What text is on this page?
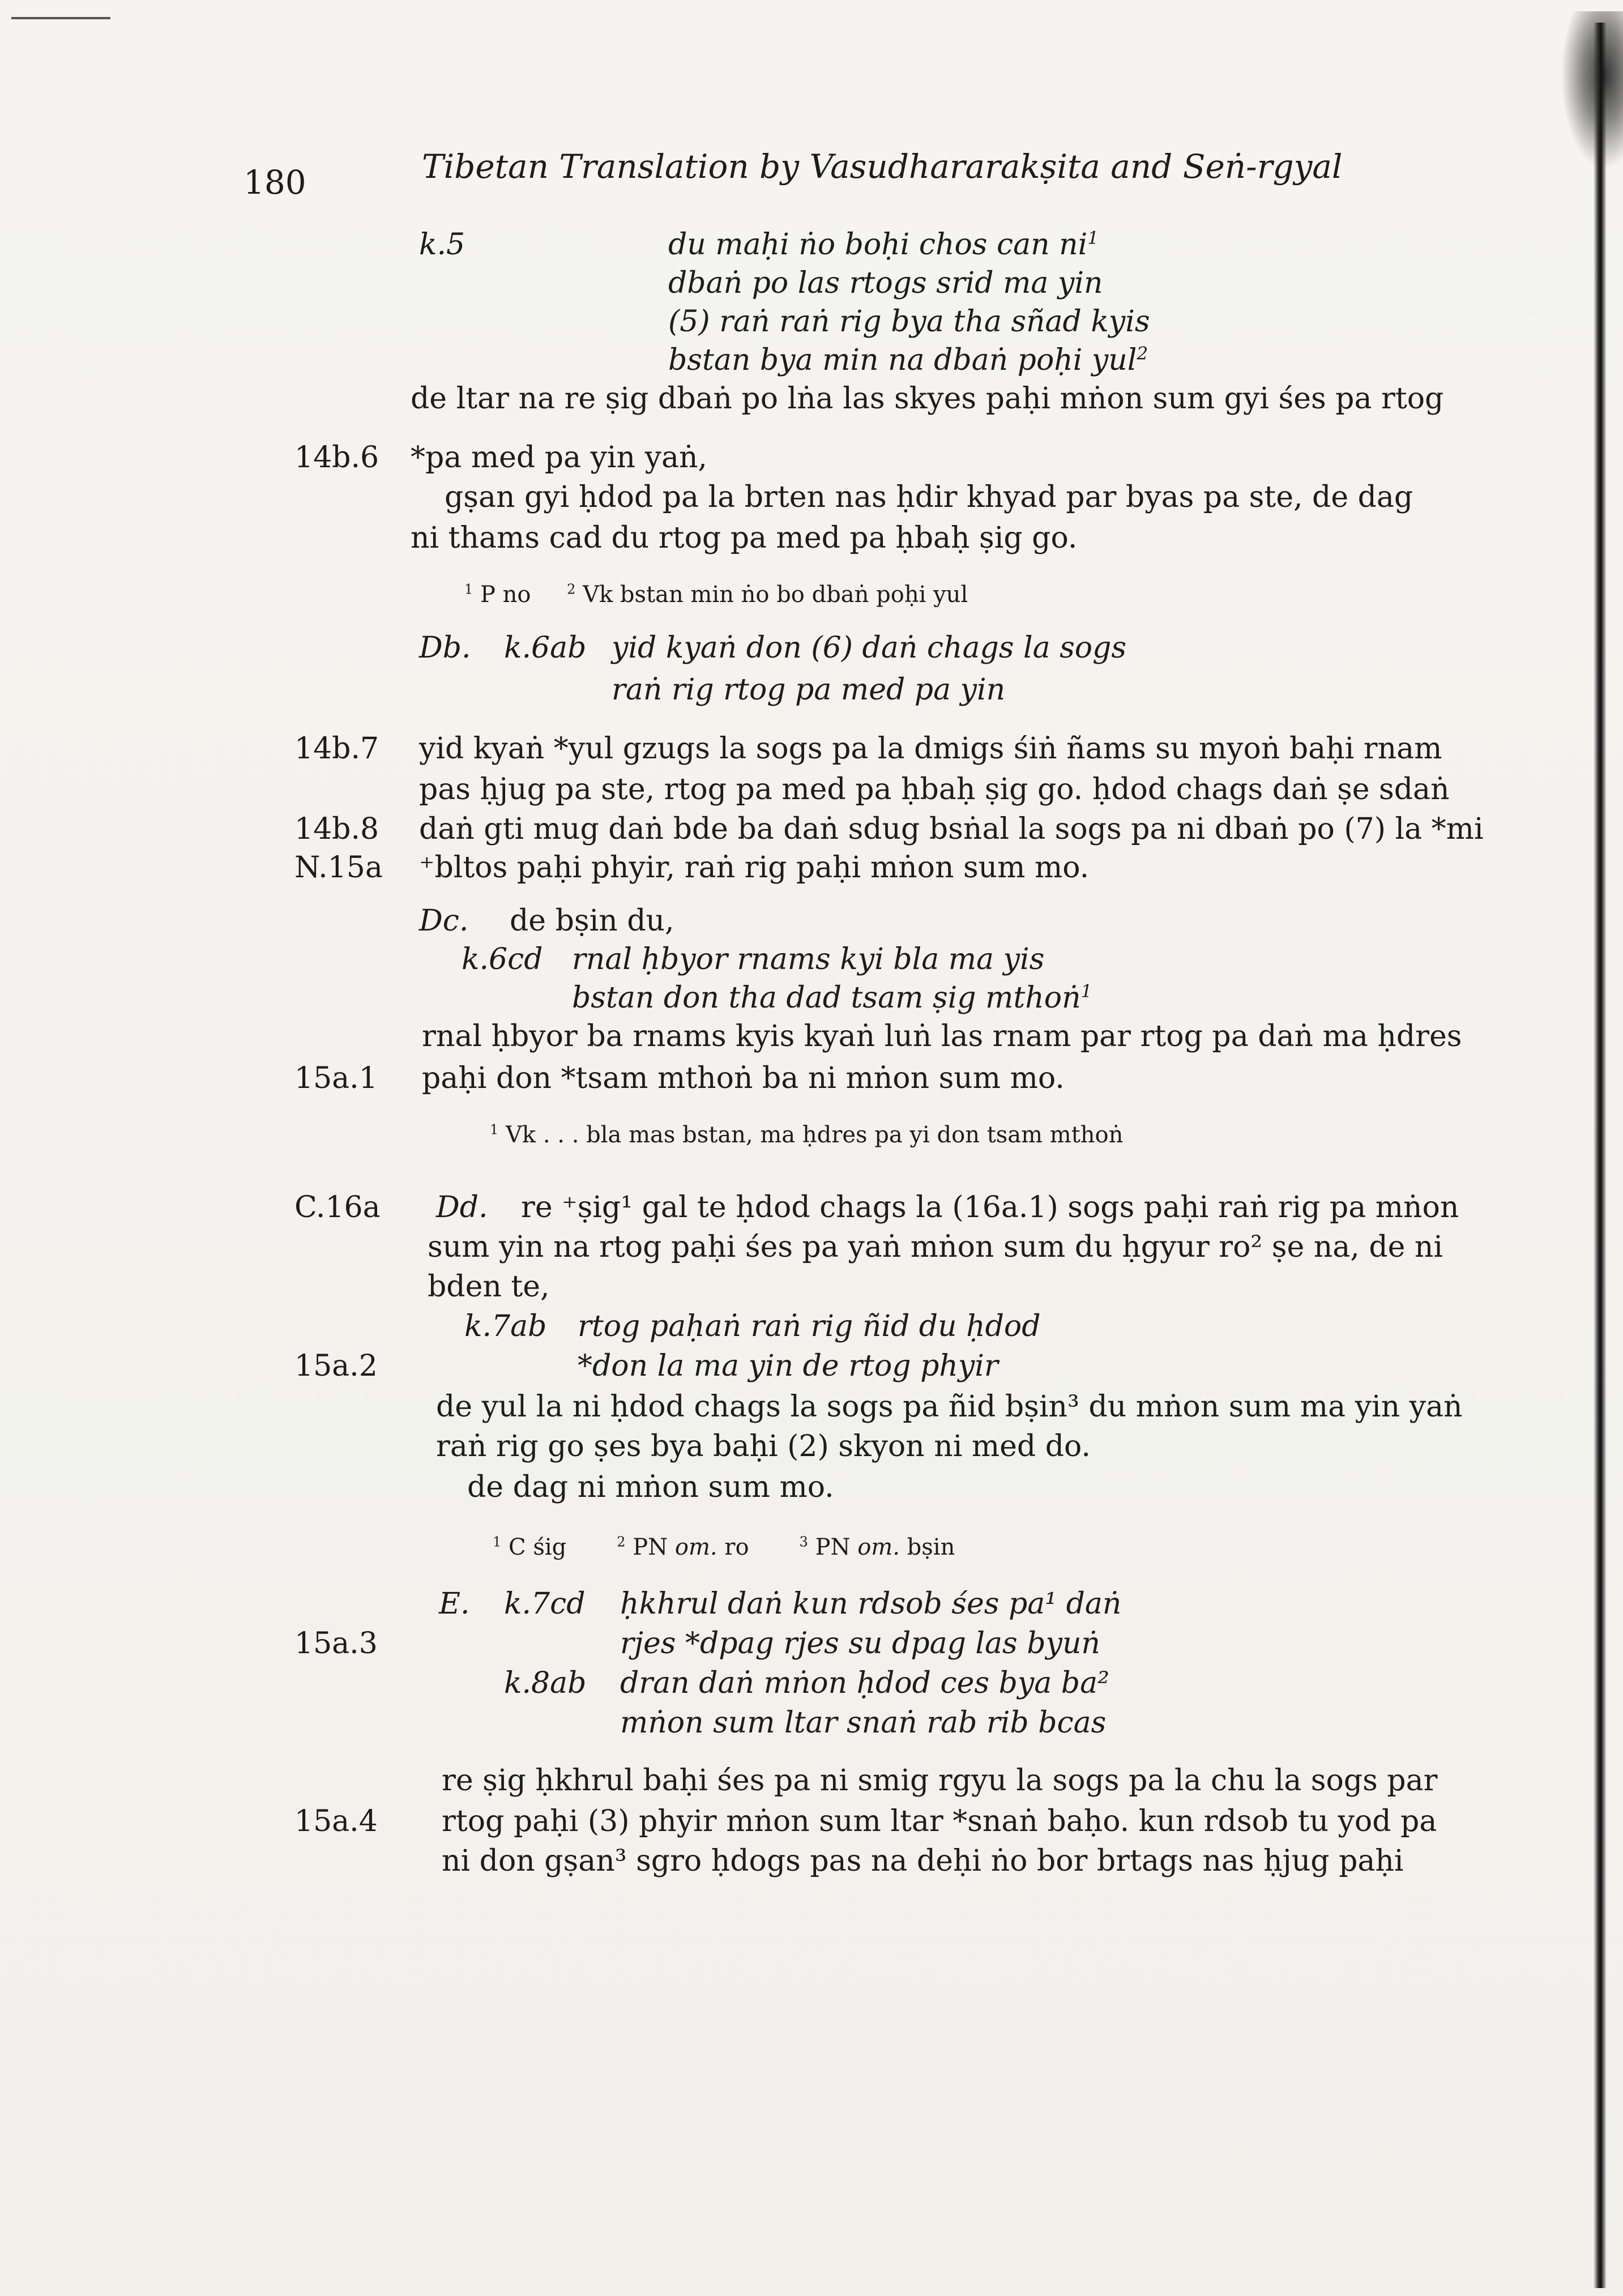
180	Tibetan Translation by Vasudhararakṣita and Seṅ-rgyal
k.5	du maḥi ṅo boḥi chos can $ni^1$
dbaṅ po las rtogs srid ma yin
(5) raṅ raṅ rig bya tha sñad kyis
bstan bya min na dbaṅ poḥi yul$^2$
de ltar na re ṣig dbaṅ po lṅa las skyes paḥi mṅon sum gyi śes pa rtog
14b.6 *pa med pa yin yaṅ,
gṣan gyi ḥdod pa la brten nas ḥdir khyad par byas pa ste, de dag
ni thams cad du rtog pa med pa ḥbaḥ ṣig go.
Db. k.6ab yid kyaṅ don (6) daṅ chags la sogs
raṅ rig rtog pa med pa yin
14b.7 yid kyaṅ *yul gzugs la sogs pa la dmigs śiṅ ñams su myoṅ baḥi rnam
pas ḥjug pa ste, rtog pa med pa ḥbaḥ ṣig go. ḥdod chags daṅ ṣe sdaṅ
14b.8 daṅ gti mug daṅ bde ba daṅ sdug bsṅal la sogs pa ni dbaṅ po (7) la *mi
N.15a ⁺bltos paḥi phyir, raṅ rig paḥi mṅon sum mo.
Dc. de bṣin du,
k.6cd rnal ḥbyor rnams kyi bla ma yis
bstan don tha dad tsam ṣig mthoṅ$^1$
rnal ḥbyor ba rnams kyis kyaṅ luṅ las rnam par rtog pa daṅ ma ḥdres
15a.1 paḥi don *tsam mthoṅ ba ni mṅon sum mo.
C.16a Dd. re ⁺ṣig¹ gal te ḥdod chags la (16a.1) sogs paḥi raṅ rig pa mṅon
sum yin na rtog paḥi śes pa yaṅ mṅon sum du ḥgyur ro² ṣe na, de ni
bden te,
k.7ab rtog paḥaṅ raṅ rig ñid du ḥdod
15a.2	*don la ma yin de rtog phyir
de yul la ni ḥdod chags la sogs pa ñid bṣin³ du mṅon sum ma yin yaṅ
raṅ rig go ṣes bya baḥi (2) skyon ni med do.
de dag ni mṅon sum mo.
E. k.7cd ḥkhrul daṅ kun rdsob śes pa¹ daṅ
15a.3	rjes *dpag rjes su dpag las byuṅ
k.8ab dran daṅ mṅon ḥdod ces bya ba²
mṅon sum ltar snaṅ rab rib bcas
re ṣig ḥkhrul baḥi śes pa ni smig rgyu la sogs pa la chu la sogs par
15a.4 rtog paḥi (3) phyir mṅon sum ltar *snaṅ baḥo. kun rdsob tu yod pa
ni don gṣan³ sgro ḥdogs pas na deḥi ṅo bor brtags nas ḥjug paḥi
$^1$ P no	$^2$ Vk bstan min ṅo bo dbaṅ poḥi yul
$^1$ Vk . . . bla mas bstan, ma ḥdres pa yi don tsam mthoṅ
$^1$ C śig	$^2$ PN om. ro	$^3$ PN om. bṣin
